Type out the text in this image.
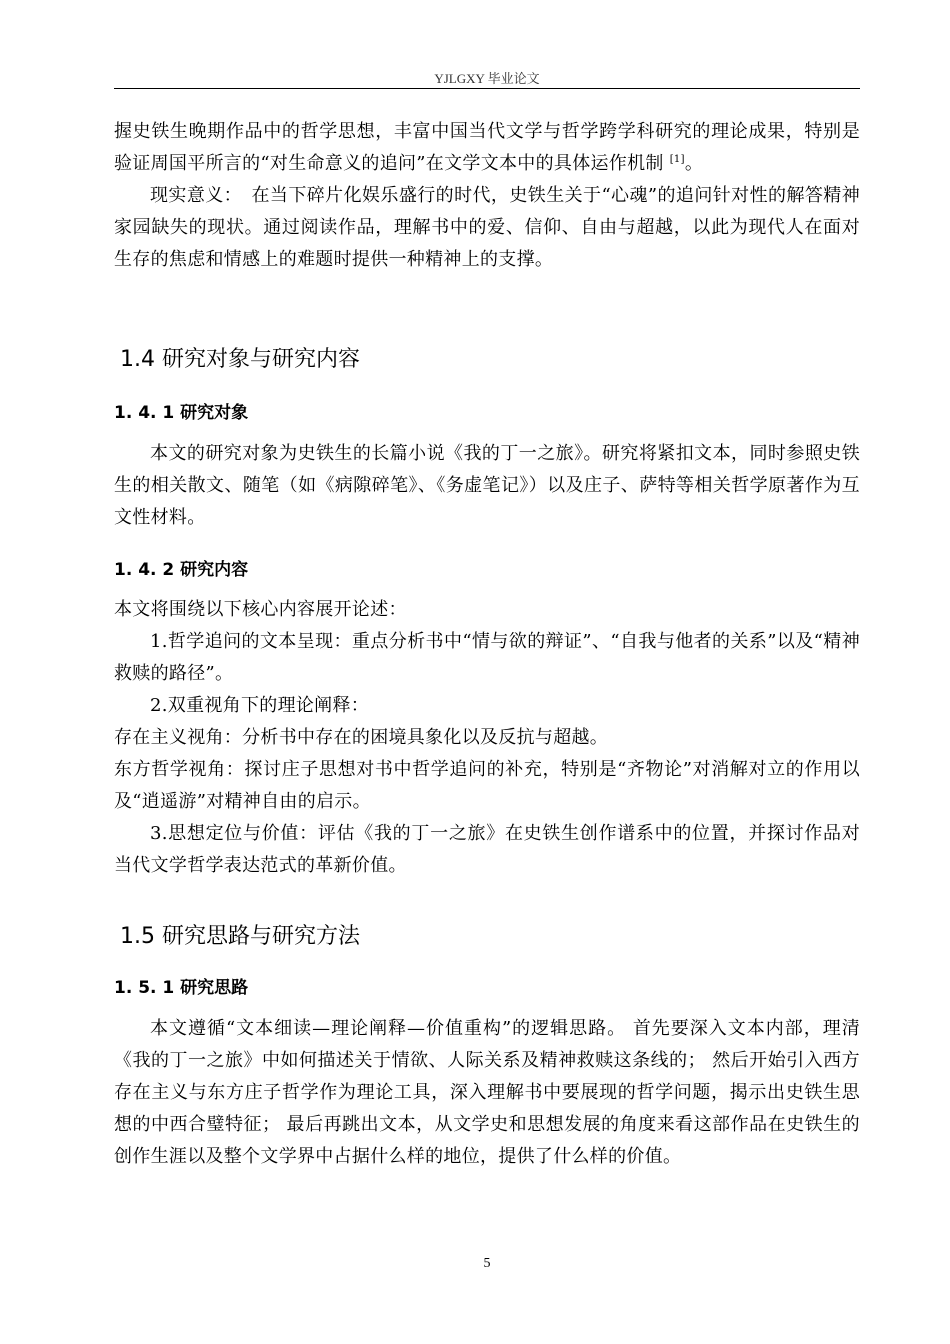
YJLGXY 毕业论文

握史铁生晚期作品中的哲学思想，丰富中国当代文学与哲学跨学科研究的理论成果，特别是验证周国平所言的“对生命意义的追问”在文学文本中的具体运作机制 [1]。

现实意义：　在当下碎片化娱乐盛行的时代，史铁生关于“心魂”的追问针对性的解答精神家园缺失的现状。通过阅读作品，理解书中的爱、信仰、自由与超越，以此为现代人在面对生存的焦虑和情感上的难题时提供一种精神上的支撑。

1.4 研究对象与研究内容
1. 4. 1 研究对象

本文的研究对象为史铁生的长篇小说《我的丁一之旅》。研究将紧扣文本，同时参照史铁生的相关散文、随笔（如《病隙碎笔》、《务虚笔记》）以及庄子、萨特等相关哲学原著作为互文性材料。

1. 4. 2 研究内容

本文将围绕以下核心内容展开论述：

1.哲学追问的文本呈现：重点分析书中“情与欲的辩证”、“自我与他者的关系”以及“精神救赎的路径”。

2.双重视角下的理论阐释：

存在主义视角：分析书中存在的困境具象化以及反抗与超越。

东方哲学视角：探讨庄子思想对书中哲学追问的补充，特别是“齐物论”对消解对立的作用以及“逍遥游”对精神自由的启示。

3.思想定位与价值：评估《我的丁一之旅》在史铁生创作谱系中的位置，并探讨作品对当代文学哲学表达范式的革新价值。

1.5 研究思路与研究方法
1. 5. 1 研究思路

本文遵循“文本细读—理论阐释—价值重构”的逻辑思路。 首先要深入文本内部，理清《我的丁一之旅》中如何描述关于情欲、人际关系及精神救赎这条线的； 然后开始引入西方存在主义与东方庄子哲学作为理论工具，深入理解书中要展现的哲学问题，揭示出史铁生思想的中西合璧特征； 最后再跳出文本，从文学史和思想发展的角度来看这部作品在史铁生的创作生涯以及整个文学界中占据什么样的地位，提供了什么样的价值。

5
